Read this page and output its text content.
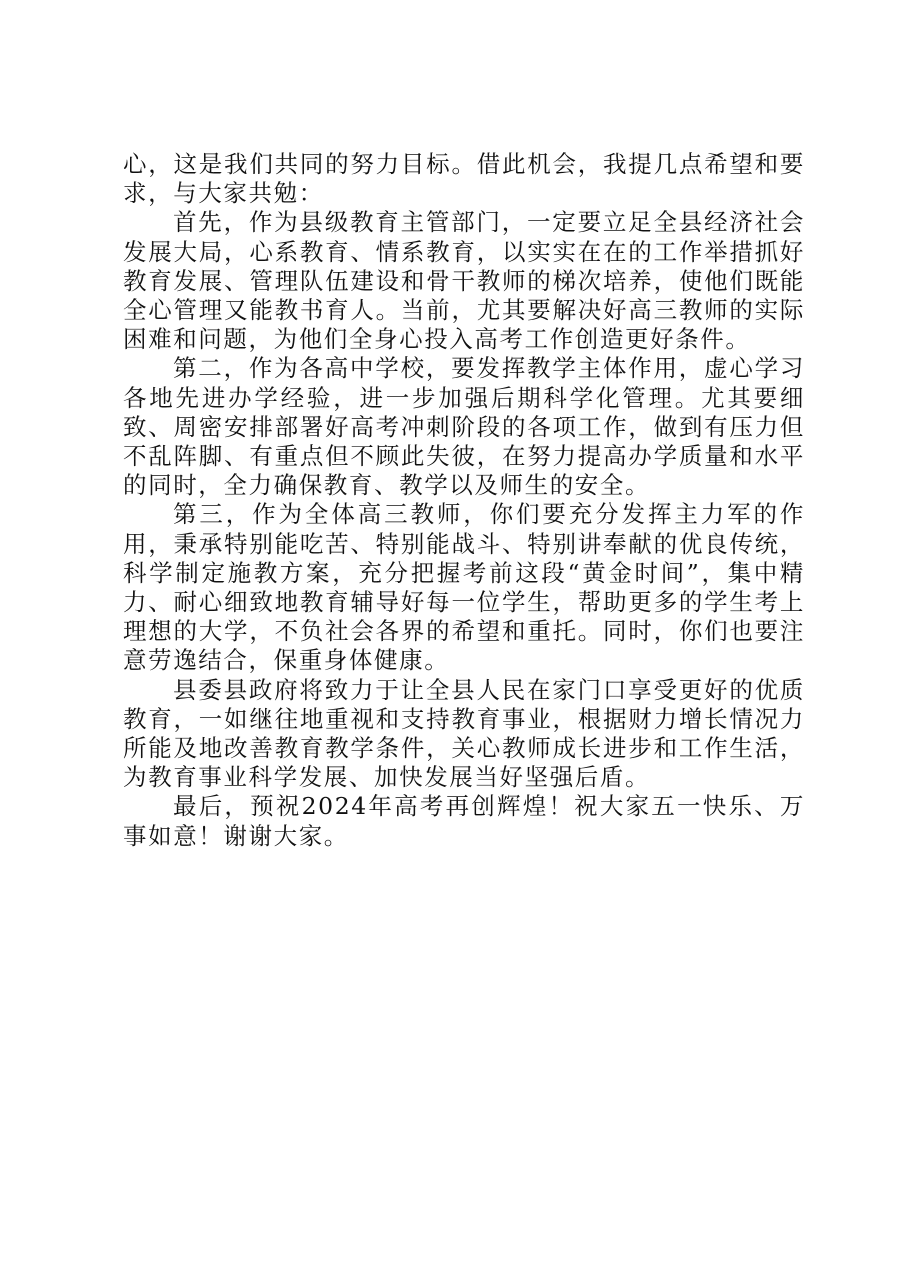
心，这是我们共同的努力目标。借此机会，我提几点希望和要求，与大家共勉：

首先，作为县级教育主管部门，一定要立足全县经济社会发展大局，心系教育、情系教育，以实实在在的工作举措抓好教育发展、管理队伍建设和骨干教师的梯次培养，使他们既能全心管理又能教书育人。当前，尤其要解决好高三教师的实际困难和问题，为他们全身心投入高考工作创造更好条件。

第二，作为各高中学校，要发挥教学主体作用，虚心学习各地先进办学经验，进一步加强后期科学化管理。尤其要细致、周密安排部署好高考冲刺阶段的各项工作，做到有压力但不乱阵脚、有重点但不顾此失彼，在努力提高办学质量和水平的同时，全力确保教育、教学以及师生的安全。

第三，作为全体高三教师，你们要充分发挥主力军的作用，秉承特别能吃苦、特别能战斗、特别讲奉献的优良传统，科学制定施教方案，充分把握考前这段“黄金时间”，集中精力、耐心细致地教育辅导好每一位学生，帮助更多的学生考上理想的大学，不负社会各界的希望和重托。同时，你们也要注意劳逸结合，保重身体健康。

县委县政府将致力于让全县人民在家门口享受更好的优质教育，一如继往地重视和支持教育事业，根据财力增长情况力所能及地改善教育教学条件，关心教师成长进步和工作生活，为教育事业科学发展、加快发展当好坚强后盾。

最后，预祝2024年高考再创辉煌！祝大家五一快乐、万事如意！谢谢大家。
